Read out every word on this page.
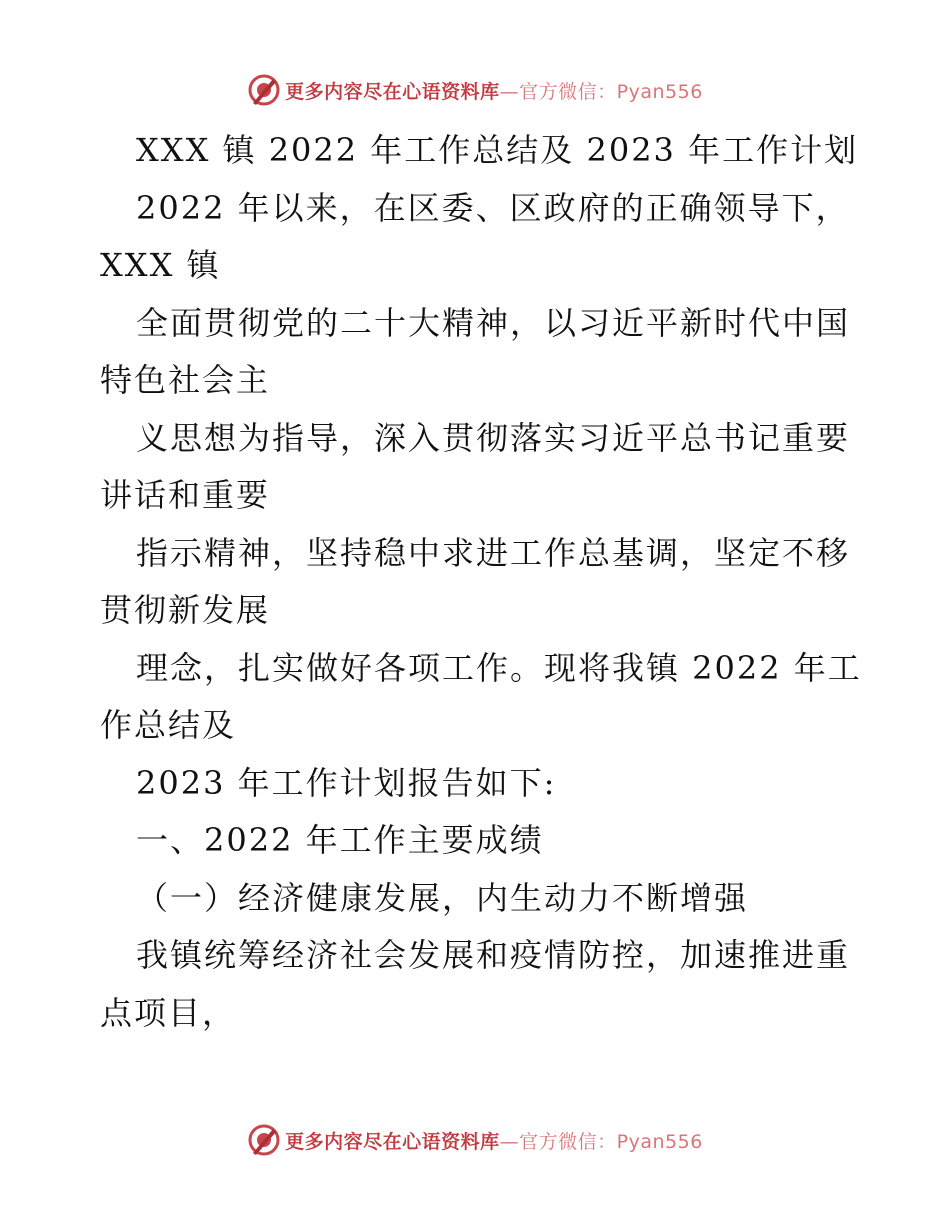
更多内容尽在心语资料库—官方微信：Pyan556
XXX 镇 2022 年工作总结及 2023 年工作计划
2022 年以来，在区委、区政府的正确领导下，
XXX 镇
全面贯彻党的二十大精神，以习近平新时代中国
特色社会主
义思想为指导，深入贯彻落实习近平总书记重要
讲话和重要
指示精神，坚持稳中求进工作总基调，坚定不移
贯彻新发展
理念，扎实做好各项工作。现将我镇 2022 年工
作总结及
2023 年工作计划报告如下:
一、2022 年工作主要成绩
（一）经济健康发展，内生动力不断增强
我镇统筹经济社会发展和疫情防控，加速推进重
点项目，
更多内容尽在心语资料库—官方微信：Pyan556
